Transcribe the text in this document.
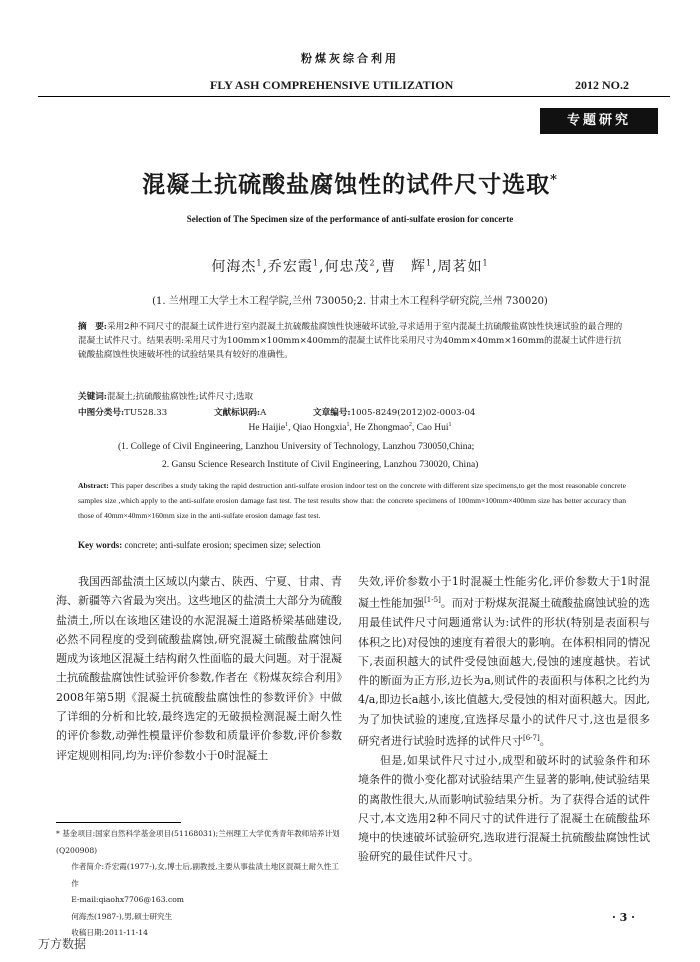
粉煤灰综合利用
FLY ASH COMPREHENSIVE UTILIZATION	2012 NO.2
专题研究
混凝土抗硫酸盐腐蚀性的试件尺寸选取*
Selection of The Specimen size of the performance of anti-sulfate erosion for concerte
何海杰$^1$,乔宏霞$^1$,何忠茂$^2$,曹　辉$^1$,周茗如$^1$
(1. 兰州理工大学土木工程学院,兰州 730050;2. 甘肃土木工程科学研究院,兰州 730020)
摘　要:采用2种不同尺寸的混凝土试件进行室内混凝土抗硫酸盐腐蚀性快速破坏试验,寻求适用于室内混凝土抗硫酸盐腐蚀性快速试验的最合理的混凝土试件尺寸。结果表明:采用尺寸为100mm×100mm×400mm的混凝土试件比采用尺寸为40mm×40mm×160mm的混凝土试件进行抗硫酸盐腐蚀性快速破坏性的试验结果具有较好的准确性。
关键词:混凝土;抗硫酸盐腐蚀性;试件尺寸;选取
中图分类号:TU528.33	文献标识码:A	文章编号:1005-8249(2012)02-0003-04
He Haijie$^1$, Qiao Hongxia$^1$, He Zhongmao$^2$, Cao Hui$^1$
(1. College of Civil Engineering, Lanzhou University of Technology, Lanzhou 730050,China;
2. Gansu Science Research Institute of Civil Engineering, Lanzhou 730020, China)
Abstract: This paper describes a study taking the rapid destruction anti-sulfate erosion indoor test on the concrete with different size specimens,to get the most reasonable concrete samples size ,which apply to the anti-sulfate erosion damage fast test. The test results show that: the concrete specimens of 100mm×100mm×400mm size has better accuracy than those of 40mm×40mm×160mm size in the anti-sulfate erosion damage fast test.
Key words: concrete; anti-sulfate erosion; specimen size; selection
我国西部盐渍土区域以内蒙古、陕西、宁夏、甘肃、青海、新疆等六省最为突出。这些地区的盐渍土大部分为硫酸盐渍土,所以在该地区建设的水泥混凝土道路桥梁基础建设,必然不同程度的受到硫酸盐腐蚀,研究混凝土硫酸盐腐蚀问题成为该地区混凝土结构耐久性面临的最大问题。对于混凝土抗硫酸盐腐蚀性试验评价参数,作者在《粉煤灰综合利用》2008年第5期《混凝土抗硫酸盐腐蚀性的参数评价》中做了详细的分析和比较,最终选定的无破损检测混凝土耐久性的评价参数,动弹性模量评价参数和质量评价参数,评价参数评定规则相同,均为:评价参数小于0时混凝土
失效,评价参数小于1时混凝土性能劣化,评价参数大于1时混凝土性能加强[1-5]。而对于粉煤灰混凝土硫酸盐腐蚀试验的选用最佳试件尺寸问题通常认为:试件的形状(特别是表面积与体积之比)对侵蚀的速度有着很大的影响。在体积相同的情况下,表面积越大的试件受侵蚀面越大,侵蚀的速度越快。若试件的断面为正方形,边长为a,则试件的表面积与体积之比约为4/a,即边长a越小,该比值越大,受侵蚀的相对面积越大。因此,为了加快试验的速度,宜选择尽量小的试件尺寸,这也是很多研究者进行试验时选择的试件尺寸[6-7]。
但是,如果试件尺寸过小,成型和破坏时的试验条件和环境条件的微小变化都对试验结果产生显著的影响,使试验结果的离散性很大,从而影响试验结果分析。为了获得合适的试件尺寸,本文选用2种不同尺寸的试件进行了混凝土在硫酸盐环境中的快速破坏试验研究,选取进行混凝土抗硫酸盐腐蚀性试验研究的最佳试件尺寸。
* 基金项目:国家自然科学基金项目(51168031);兰州理工大学优秀青年教师培养计划(Q200908)
作者简介:乔宏霞(1977-),女,博士后,副教授,主要从事盐渍土地区混凝土耐久性工作
E-mail:qiaohx7706@163.com
何海杰(1987-),男,硕士研究生
收稿日期:2011-11-14
· 3 ·
万方数据
